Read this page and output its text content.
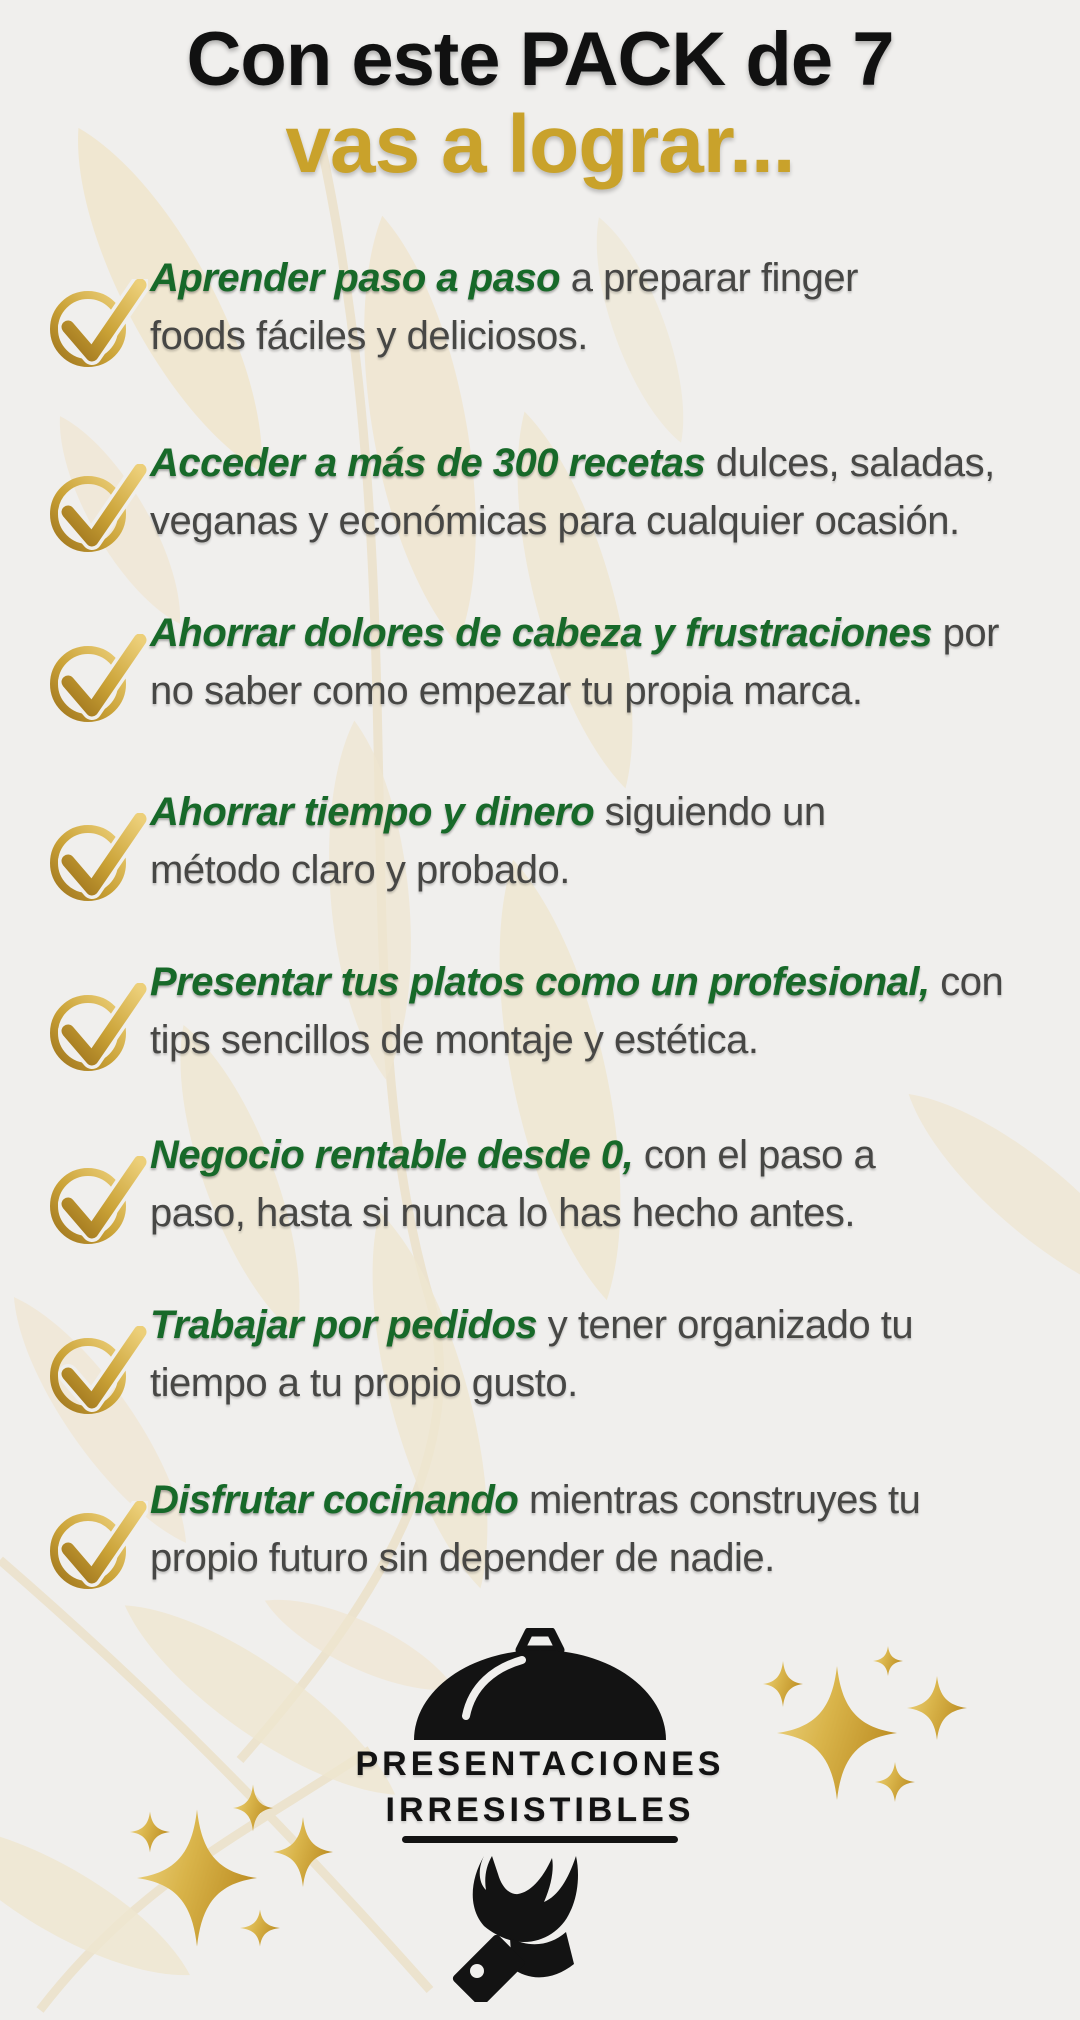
Con este PACK de 7
vas a lograr...

Aprender paso a paso a preparar finger foods fáciles y deliciosos.

Acceder a más de 300 recetas dulces, saladas, veganas y económicas para cualquier ocasión.

Ahorrar dolores de cabeza y frustraciones por no saber como empezar tu propia marca.

Ahorrar tiempo y dinero siguiendo un método claro y probado.

Presentar tus platos como un profesional, con tips sencillos de montaje y estética.

Negocio rentable desde 0, con el paso a paso, hasta si nunca lo has hecho antes.

Trabajar por pedidos y tener organizado tu tiempo a tu propio gusto.

Disfrutar cocinando mientras construyes tu propio futuro sin depender de nadie.

PRESENTACIONES

IRRESISTIBLES
